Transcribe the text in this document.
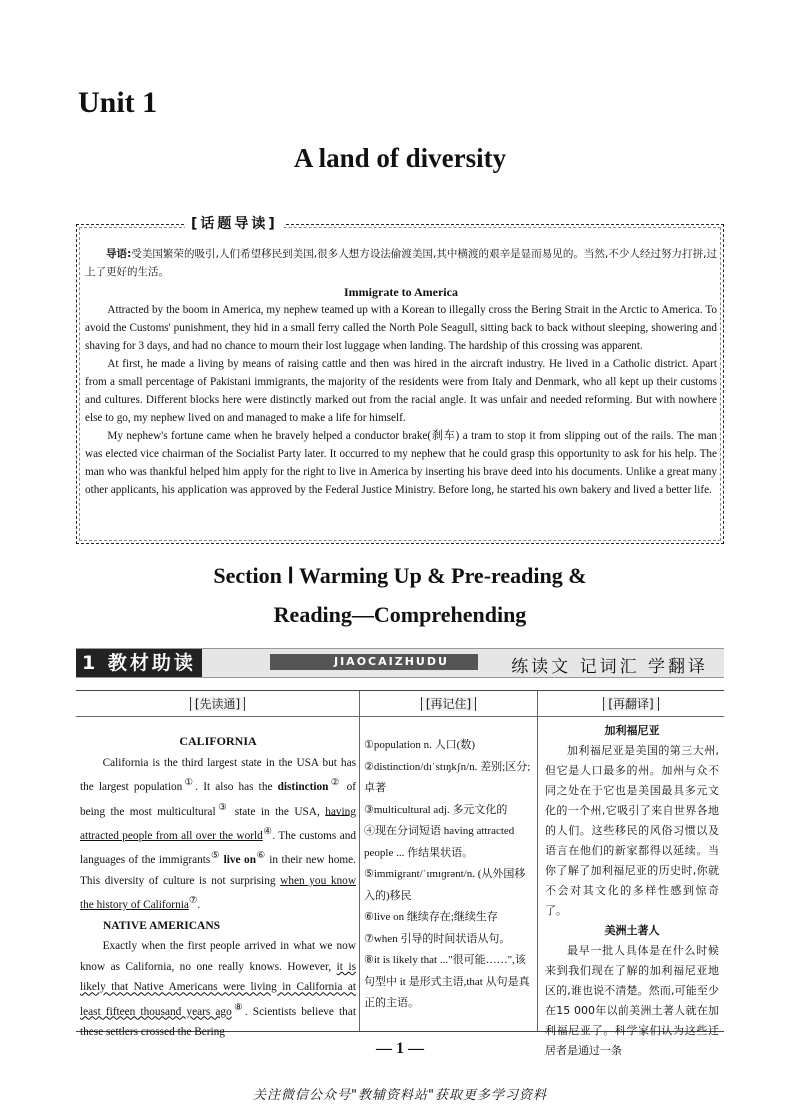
Unit 1
A land of diversity
[话题导读]

导语:受美国繁荣的吸引,人们希望移民到美国,很多人想方设法偷渡美国,其中横渡的艰辛是显而易见的。当然,不少人经过努力打拼,过上了更好的生活。

Immigrate to America

Attracted by the boom in America, my nephew teamed up with a Korean to illegally cross the Bering Strait in the Arctic to America. To avoid the Customs' punishment, they hid in a small ferry called the North Pole Seagull, sitting back to back without sleeping, showering and shaving for 3 days, and had no chance to mourn their lost luggage when landing. The hardship of this crossing was apparent.

At first, he made a living by means of raising cattle and then was hired in the aircraft industry. He lived in a Catholic district. Apart from a small percentage of Pakistani immigrants, the majority of the residents were from Italy and Denmark, who all kept up their customs and cultures. Different blocks here were distinctly marked out from the racial angle. It was unfair and needed reforming. But with nowhere else to go, my nephew lived on and managed to make a life for himself.

My nephew's fortune came when he bravely helped a conductor brake(刹车) a tram to stop it from slipping out of the rails. The man was elected vice chairman of the Socialist Party later. It occurred to my nephew that he could grasp this opportunity to ask for his help. The man who was thankful helped him apply for the right to live in America by inserting his brave deed into his documents. Unlike a great many other applicants, his application was approved by the Federal Justice Ministry. Before long, he started his own bakery and lived a better life.

Section Ⅰ Warming Up & Pre-reading &
Reading—Comprehending
1 教材助读	JIAOCAIZHUDU	练读文 记词汇 学翻译
[先读通]

CALIFORNIA

California is the third largest state in the USA but has the largest population①. It also has the distinction② of being the most multicultural③ state in the USA, having attracted people from all over the world④. The customs and languages of the immigrants⑤ live on⑥ in their new home. This diversity of culture is not surprising when you know the history of California⑦.

NATIVE AMERICANS

Exactly when the first people arrived in what we now know as California, no one really knows. However, it is likely that Native Americans were living in California at least fifteen thousand years ago⑧. Scientists believe that these settlers crossed the Bering

[再记住]
①population n. 人口(数)
②distinction/dɪˈstɪŋkʃn/n. 差别;区分;卓著
③multicultural adj. 多元文化的
④现在分词短语 having attracted people ... 作结果状语。
⑤immigrant/ˈɪmɪɡrənt/n. (从外国移入的)移民
⑥live on 继续存在;继续生存
⑦when 引导的时间状语从句。
⑧it is likely that ..."很可能……",该句型中 it 是形式主语,that 从句是真正的主语。
[再翻译]

加利福尼亚

加利福尼亚是美国的第三大州,但它是人口最多的州。加州与众不同之处在于它也是美国最具多元文化的一个州,它吸引了来自世界各地的人们。这些移民的风俗习惯以及语言在他们的新家都得以延续。当你了解了加利福尼亚的历史时,你就不会对其文化的多样性感到惊奇了。

美洲土著人

最早一批人具体是在什么时候来到我们现在了解的加利福尼亚地区的,谁也说不清楚。然而,可能至少在15 000年以前美洲土著人就在加利福尼亚了。科学家们认为这些迁居者是通过一条

— 1 —
关注微信公众号"教辅资料站"获取更多学习资料
